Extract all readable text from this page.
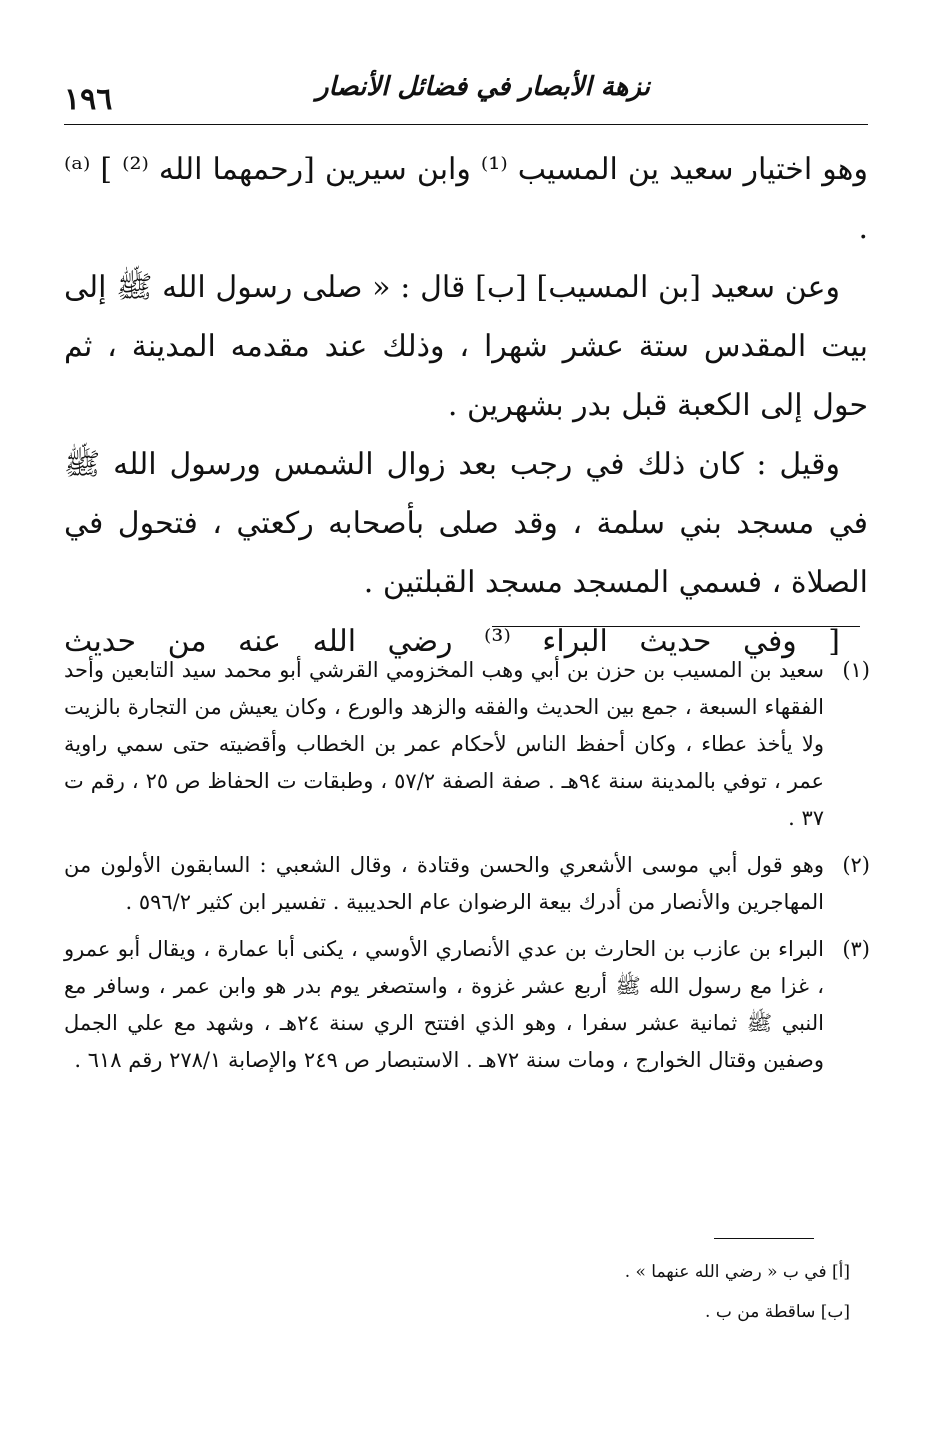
١٩٦	نزهة الأبصار في فضائل الأنصار

وهو اختيار سعيد ين المسيب ⁽¹⁾ وابن سيرين [رحمهما الله ⁽²⁾ ] ⁽ᵃ⁾ .

وعن سعيد [بن المسيب] [ب] قال : « صلى رسول الله ﷺ إلى بيت المقدس ستة عشر شهرا ، وذلك عند مقدمه المدينة ، ثم حول إلى الكعبة قبل بدر بشهرين .

وقيل : كان ذلك في رجب بعد زوال الشمس ورسول الله ﷺ في مسجد بني سلمة ، وقد صلى بأصحابه ركعتي ، فتحول في الصلاة ، فسمي المسجد مسجد القبلتين .

[ وفي حديث البراء ⁽³⁾ رضي الله عنه من حديث

(١)

سعيد بن المسيب بن حزن بن أبي وهب المخزومي القرشي أبو محمد سيد التابعين وأحد الفقهاء السبعة ، جمع بين الحديث والفقه والزهد والورع ، وكان يعيش من التجارة بالزيت ولا يأخذ عطاء ، وكان أحفظ الناس لأحكام عمر بن الخطاب وأقضيته حتى سمي راوية عمر ، توفي بالمدينة سنة ٩٤هـ . صفة الصفة ٥٧/٢ ، وطبقات ت الحفاظ ص ٢٥ ، رقم ت ٣٧ .

(٢)

وهو قول أبي موسى الأشعري والحسن وقتادة ، وقال الشعبي : السابقون الأولون من المهاجرين والأنصار من أدرك بيعة الرضوان عام الحديبية . تفسير ابن كثير ٥٩٦/٢ .

(٣)

البراء بن عازب بن الحارث بن عدي الأنصاري الأوسي ، يكنى أبا عمارة ، ويقال أبو عمرو ، غزا مع رسول الله ﷺ أربع عشر غزوة ، واستصغر يوم بدر هو وابن عمر ، وسافر مع النبي ﷺ ثمانية عشر سفرا ، وهو الذي افتتح الري سنة ٢٤هـ ، وشهد مع علي الجمل وصفين وقتال الخوارج ، ومات سنة ٧٢هـ . الاستبصار ص ٢٤٩ والإصابة ٢٧٨/١ رقم ٦١٨ .

[أ] في ب « رضي الله عنهما » .

[ب] ساقطة من ب .
